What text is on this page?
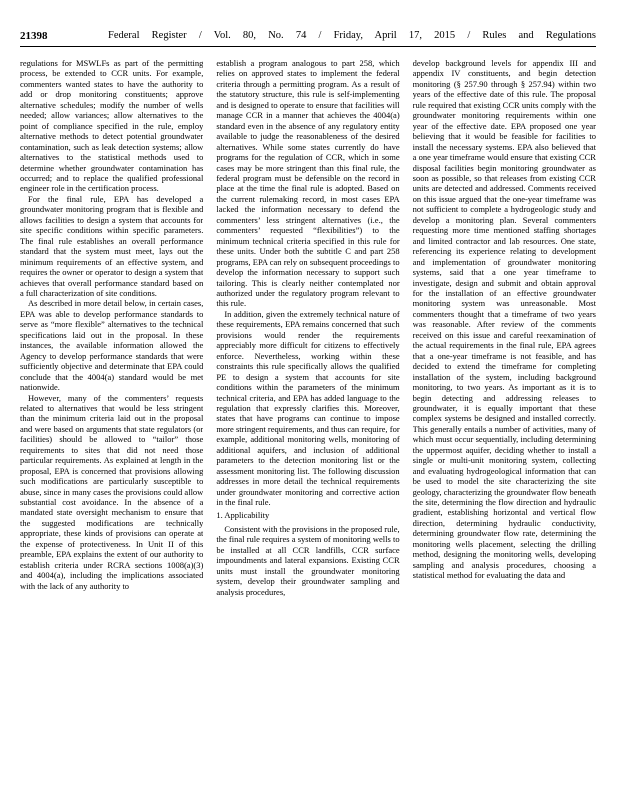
21398	Federal Register / Vol. 80, No. 74 / Friday, April 17, 2015 / Rules and Regulations

regulations for MSWLFs as part of the permitting process, be extended to CCR units. For example, commenters wanted states to have the authority to add or drop monitoring constituents; approve alternative schedules; modify the number of wells needed; allow variances; allow alternatives to the point of compliance specified in the rule, employ alternative methods to detect potential groundwater contamination, such as leak detection systems; allow alternatives to the statistical methods used to determine whether groundwater contamination has occurred; and to replace the qualified professional engineer role in the certification process.

For the final rule, EPA has developed a groundwater monitoring program that is flexible and allows facilities to design a system that accounts for site specific conditions within specific parameters. The final rule establishes an overall performance standard that the system must meet, lays out the minimum requirements of an effective system, and requires the owner or operator to design a system that achieves that overall performance standard based on a full characterization of site conditions.

As described in more detail below, in certain cases, EPA was able to develop performance standards to serve as “more flexible” alternatives to the technical specifications laid out in the proposal. In these instances, the available information allowed the Agency to develop performance standards that were sufficiently objective and determinate that EPA could conclude that the 4004(a) standard would be met nationwide.

However, many of the commenters’ requests related to alternatives that would be less stringent than the minimum criteria laid out in the proposal and were based on arguments that state regulators (or facilities) should be allowed to “tailor” those requirements to sites that did not need those particular requirements. As explained at length in the proposal, EPA is concerned that provisions allowing such modifications are particularly susceptible to abuse, since in many cases the provisions could allow substantial cost avoidance. In the absence of a mandated state oversight mechanism to ensure that the suggested modifications are technically appropriate, these kinds of provisions can operate at the expense of protectiveness. In Unit II of this preamble, EPA explains the extent of our authority to establish criteria under RCRA sections 1008(a)(3) and 4004(a), including the implications associated with the lack of any authority to

establish a program analogous to part 258, which relies on approved states to implement the federal criteria through a permitting program. As a result of the statutory structure, this rule is self-implementing and is designed to operate to ensure that facilities will manage CCR in a manner that achieves the 4004(a) standard even in the absence of any regulatory entity available to judge the reasonableness of the desired alternatives. While some states currently do have programs for the regulation of CCR, which in some cases may be more stringent than this final rule, the federal program must be defensible on the record in place at the time the final rule is adopted. Based on the current rulemaking record, in most cases EPA lacked the information necessary to defend the commenters’ less stringent alternatives (i.e., the commenters’ requested “flexibilities”) to the minimum technical criteria specified in this rule for these units. Under both the subtitle C and part 258 programs, EPA can rely on subsequent proceedings to develop the information necessary to support such tailoring. This is clearly neither contemplated nor authorized under the regulatory program relevant to this rule.

In addition, given the extremely technical nature of these requirements, EPA remains concerned that such provisions would render the requirements appreciably more difficult for citizens to effectively enforce. Nevertheless, working within these constraints this rule specifically allows the qualified PE to design a system that accounts for site conditions within the parameters of the minimum technical criteria, and EPA has added language to the regulation that expressly clarifies this. Moreover, states that have programs can continue to impose more stringent requirements, and thus can require, for example, additional monitoring wells, monitoring of additional aquifers, and inclusion of additional parameters to the detection monitoring list or the assessment monitoring list. The following discussion addresses in more detail the technical requirements under groundwater monitoring and corrective action in the final rule.

1. Applicability

Consistent with the provisions in the proposed rule, the final rule requires a system of monitoring wells to be installed at all CCR landfills, CCR surface impoundments and lateral expansions. Existing CCR units must install the groundwater monitoring system, develop their groundwater sampling and analysis procedures,

develop background levels for appendix III and appendix IV constituents, and begin detection monitoring (§ 257.90 through § 257.94) within two years of the effective date of this rule. The proposal rule required that existing CCR units comply with the groundwater monitoring requirements within one year of the effective date. EPA proposed one year believing that it would be feasible for facilities to install the necessary systems. EPA also believed that a one year timeframe would ensure that existing CCR disposal facilities begin monitoring groundwater as soon as possible, so that releases from existing CCR units are detected and addressed. Comments received on this issue argued that the one-year timeframe was not sufficient to complete a hydrogeologic study and develop a monitoring plan. Several commenters requesting more time mentioned staffing shortages and limited contractor and lab resources. One state, referencing its experience relating to development and implementation of groundwater monitoring systems, said that a one year timeframe to investigate, design and submit and obtain approval for the installation of an effective groundwater monitoring system was unreasonable. Most commenters thought that a timeframe of two years was reasonable. After review of the comments received on this issue and careful reexamination of the actual requirements in the final rule, EPA agrees that a one-year timeframe is not feasible, and has decided to extend the timeframe for completing installation of the system, including background monitoring, to two years. As important as it is to begin detecting and addressing releases to groundwater, it is equally important that these complex systems be designed and installed correctly. This generally entails a number of activities, many of which must occur sequentially, including determining the uppermost aquifer, deciding whether to install a single or multi-unit monitoring system, collecting and evaluating hydrogeological information that can be used to model the site characterizing the site geology, characterizing the groundwater flow beneath the site, determining the flow direction and hydraulic gradient, establishing horizontal and vertical flow direction, determining hydraulic conductivity, determining groundwater flow rate, determining the monitoring wells placement, selecting the drilling method, designing the monitoring wells, developing sampling and analysis procedures, choosing a statistical method for evaluating the data and
